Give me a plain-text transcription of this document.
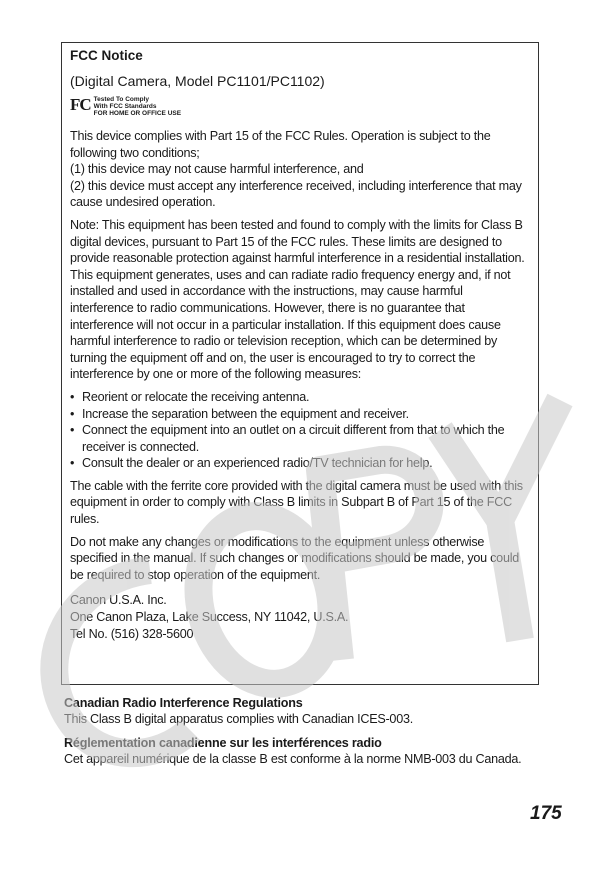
FCC Notice
(Digital Camera, Model PC1101/PC1102)
FC Tested To Comply
With FCC Standards
FOR HOME OR OFFICE USE
This device complies with Part 15 of the FCC Rules. Operation is subject to the following two conditions;
(1) this device may not cause harmful interference, and
(2) this device must accept any interference received, including interference that may cause undesired operation.
Note: This equipment has been tested and found to comply with the limits for Class B digital devices, pursuant to Part 15 of the FCC rules. These limits are designed to provide reasonable protection against harmful interference in a residential installation. This equipment generates, uses and can radiate radio frequency energy and, if not installed and used in accordance with the instructions, may cause harmful interference to radio communications. However, there is no guarantee that interference will not occur in a particular installation. If this equipment does cause harmful interference to radio or television reception, which can be determined by turning the equipment off and on, the user is encouraged to try to correct the interference by one or more of the following measures:
• Reorient or relocate the receiving antenna.
• Increase the separation between the equipment and receiver.
• Connect the equipment into an outlet on a circuit different from that to which the receiver is connected.
• Consult the dealer or an experienced radio/TV technician for help.
The cable with the ferrite core provided with the digital camera must be used with this equipment in order to comply with Class B limits in Subpart B of Part 15 of the FCC rules.
Do not make any changes or modifications to the equipment unless otherwise specified in the manual. If such changes or modifications should be made, you could be required to stop operation of the equipment.
Canon U.S.A. Inc.
One Canon Plaza, Lake Success, NY 11042, U.S.A.
Tel No. (516) 328-5600
Canadian Radio Interference Regulations
This Class B digital apparatus complies with Canadian ICES-003.
Réglementation canadienne sur les interférences radio
Cet appareil numérique de la classe B est conforme à la norme NMB-003 du Canada.
175
